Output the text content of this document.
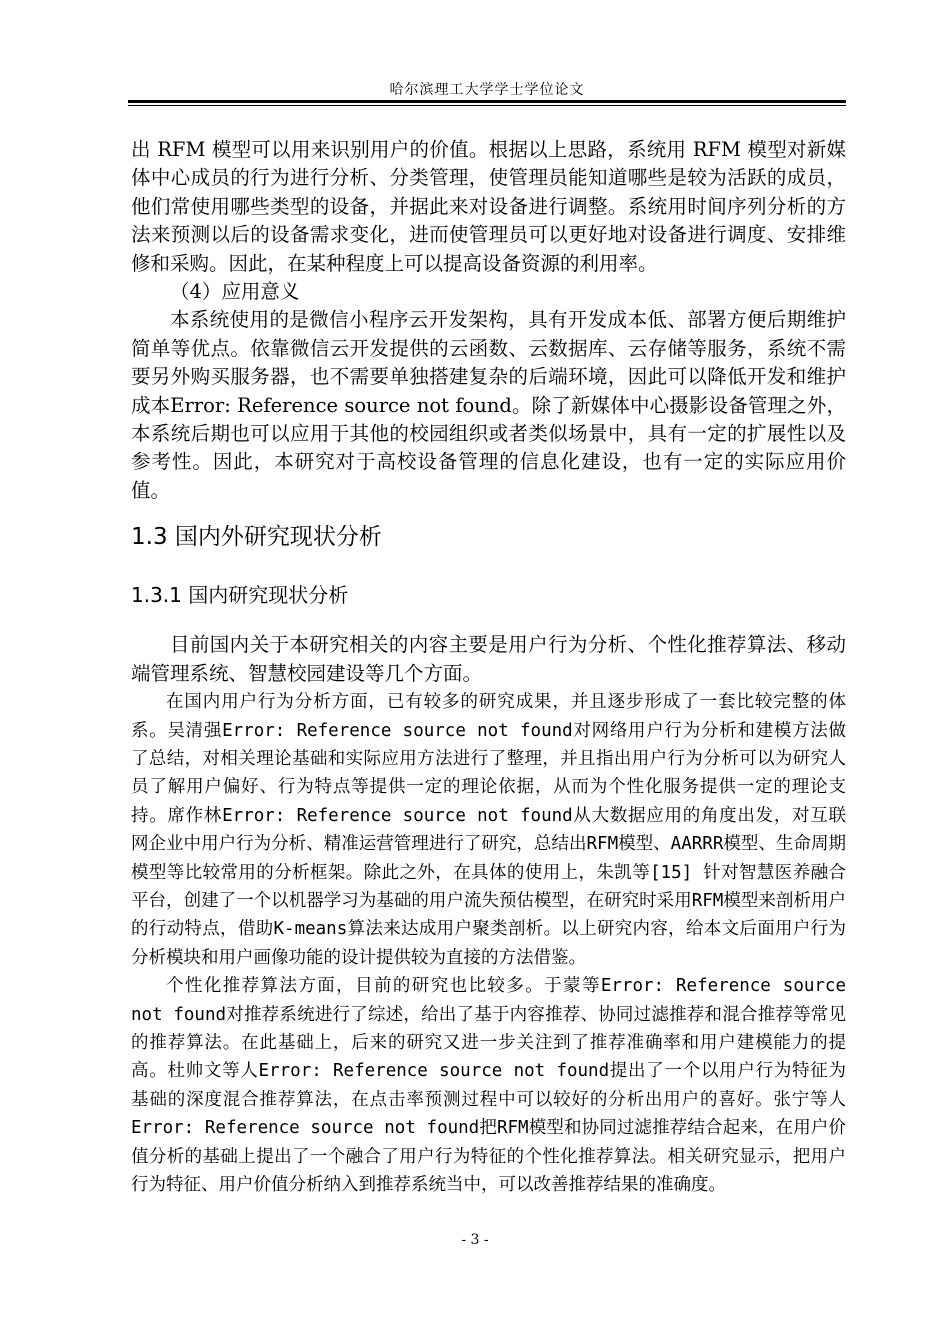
哈尔滨理工大学学士学位论文

出 RFM 模型可以用来识别用户的价值。根据以上思路，系统用 RFM 模型对新媒体中心成员的行为进行分析、分类管理，使管理员能知道哪些是较为活跃的成员，他们常使用哪些类型的设备，并据此来对设备进行调整。系统用时间序列分析的方法来预测以后的设备需求变化，进而使管理员可以更好地对设备进行调度、安排维修和采购。因此，在某种程度上可以提高设备资源的利用率。

（4）应用意义

本系统使用的是微信小程序云开发架构，具有开发成本低、部署方便后期维护简单等优点。依靠微信云开发提供的云函数、云数据库、云存储等服务，系统不需要另外购买服务器，也不需要单独搭建复杂的后端环境，因此可以降低开发和维护成本Error: Reference source not found。除了新媒体中心摄影设备管理之外，本系统后期也可以应用于其他的校园组织或者类似场景中，具有一定的扩展性以及参考性。因此，本研究对于高校设备管理的信息化建设，也有一定的实际应用价值。

1.3 国内外研究现状分析
1.3.1 国内研究现状分析

目前国内关于本研究相关的内容主要是用户行为分析、个性化推荐算法、移动端管理系统、智慧校园建设等几个方面。

在国内用户行为分析方面，已有较多的研究成果，并且逐步形成了一套比较完整的体系。吴清强Error: Reference source not found对网络用户行为分析和建模方法做了总结，对相关理论基础和实际应用方法进行了整理，并且指出用户行为分析可以为研究人员了解用户偏好、行为特点等提供一定的理论依据，从而为个性化服务提供一定的理论支持。席作林Error: Reference source not found从大数据应用的角度出发，对互联网企业中用户行为分析、精准运营管理进行了研究，总结出RFM模型、AARRR模型、生命周期模型等比较常用的分析框架。除此之外，在具体的使用上，朱凯等[15] 针对智慧医养融合平台，创建了一个以机器学习为基础的用户流失预估模型，在研究时采用RFM模型来剖析用户的行动特点，借助K-means算法来达成用户聚类剖析。以上研究内容，给本文后面用户行为分析模块和用户画像功能的设计提供较为直接的方法借鉴。

个性化推荐算法方面，目前的研究也比较多。于蒙等Error: Reference source not found对推荐系统进行了综述，给出了基于内容推荐、协同过滤推荐和混合推荐等常见的推荐算法。在此基础上，后来的研究又进一步关注到了推荐准确率和用户建模能力的提高。杜帅文等人Error: Reference source not found提出了一个以用户行为特征为基础的深度混合推荐算法，在点击率预测过程中可以较好的分析出用户的喜好。张宁等人Error: Reference source not found把RFM模型和协同过滤推荐结合起来，在用户价值分析的基础上提出了一个融合了用户行为特征的个性化推荐算法。相关研究显示，把用户行为特征、用户价值分析纳入到推荐系统当中，可以改善推荐结果的准确度。

- 3 -
